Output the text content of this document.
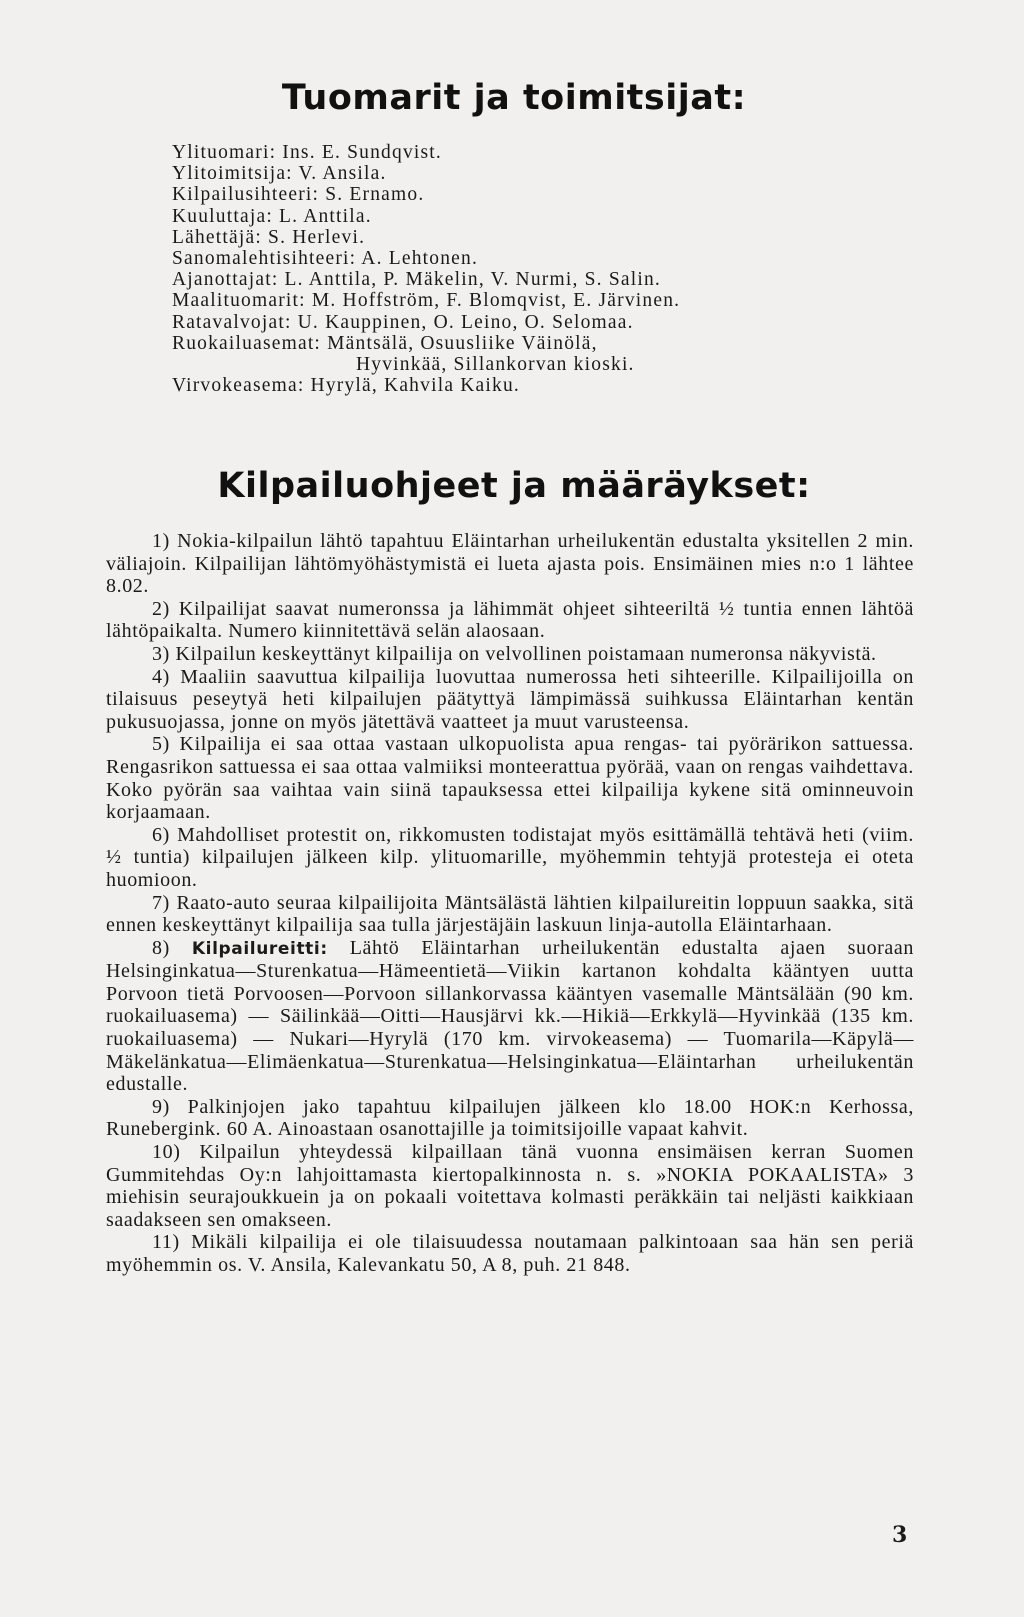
Tuomarit ja toimitsijat:
Ylituomari: Ins. E. Sundqvist.
Ylitoimitsija: V. Ansila.
Kilpailusihteeri: S. Ernamo.
Kuuluttaja: L. Anttila.
Lähettäjä: S. Herlevi.
Sanomalehtisihteeri: A. Lehtonen.
Ajanottajat: L. Anttila, P. Mäkelin, V. Nurmi, S. Salin.
Maalituomarit: M. Hoffström, F. Blomqvist, E. Järvinen.
Ratavalvojat: U. Kauppinen, O. Leino, O. Selomaa.
Ruokailuasemat: Mäntsälä, Osuusliike Väinölä,
Hyvinkää, Sillankorvan kioski.
Virvokeasema: Hyrylä, Kahvila Kaiku.
Kilpailuohjeet ja määräykset:

1) Nokia-kilpailun lähtö tapahtuu Eläintarhan urheilukentän edustalta yksitellen 2 min. väliajoin. Kilpailijan lähtömyöhästymistä ei lueta ajasta pois. Ensimäinen mies n:o 1 lähtee 8.02.

2) Kilpailijat saavat numeronssa ja lähimmät ohjeet sihteeriltä ½ tuntia ennen lähtöä lähtöpaikalta. Numero kiinnitettävä selän alaosaan.

3) Kilpailun keskeyttänyt kilpailija on velvollinen poistamaan numeronsa näkyvistä.

4) Maaliin saavuttua kilpailija luovuttaa numerossa heti sihteerille. Kilpailijoilla on tilaisuus peseytyä heti kilpailujen päätyttyä lämpimässä suihkussa Eläintarhan kentän pukusuojassa, jonne on myös jätettävä vaatteet ja muut varusteensa.

5) Kilpailija ei saa ottaa vastaan ulkopuolista apua rengas- tai pyörärikon sattuessa. Rengasrikon sattuessa ei saa ottaa valmiiksi monteerattua pyörää, vaan on rengas vaihdettava. Koko pyörän saa vaihtaa vain siinä tapauksessa ettei kilpailija kykene sitä ominneuvoin korjaamaan.

6) Mahdolliset protestit on, rikkomusten todistajat myös esittämällä tehtävä heti (viim. ½ tuntia) kilpailujen jälkeen kilp. ylituomarille, myöhemmin tehtyjä protesteja ei oteta huomioon.

7) Raato-auto seuraa kilpailijoita Mäntsälästä lähtien kilpailureitin loppuun saakka, sitä ennen keskeyttänyt kilpailija saa tulla järjestäjäin laskuun linja-autolla Eläintarhaan.

8) Kilpailureitti: Lähtö Eläintarhan urheilukentän edustalta ajaen suoraan Helsinginkatua—Sturenkatua—Hämeentietä—Viikin kartanon kohdalta kääntyen uutta Porvoon tietä Porvoosen—Porvoon sillankorvassa kääntyen vasemalle Mäntsälään (90 km. ruokailuasema) — Säilinkää—Oitti—Hausjärvi kk.—Hikiä—Erkkylä—Hyvinkää (135 km. ruokailuasema) — Nukari—Hyrylä (170 km. virvokeasema) — Tuomarila—Käpylä—Mäkelänkatua—Elimäenkatua—Sturenkatua—Helsinginkatua—Eläintarhan urheilukentän edustalle.

9) Palkinjojen jako tapahtuu kilpailujen jälkeen klo 18.00 HOK:n Kerhossa, Runebergink. 60 A. Ainoastaan osanottajille ja toimitsijoille vapaat kahvit.

10) Kilpailun yhteydessä kilpaillaan tänä vuonna ensimäisen kerran Suomen Gummitehdas Oy:n lahjoittamasta kiertopalkinnosta n. s. »NOKIA POKAALISTA» 3 miehisin seurajoukkuein ja on pokaali voitettava kolmasti peräkkäin tai neljästi kaikkiaan saadakseen sen omakseen.

11) Mikäli kilpailija ei ole tilaisuudessa noutamaan palkintoaan saa hän sen periä myöhemmin os. V. Ansila, Kalevankatu 50, A 8, puh. 21 848.

3
